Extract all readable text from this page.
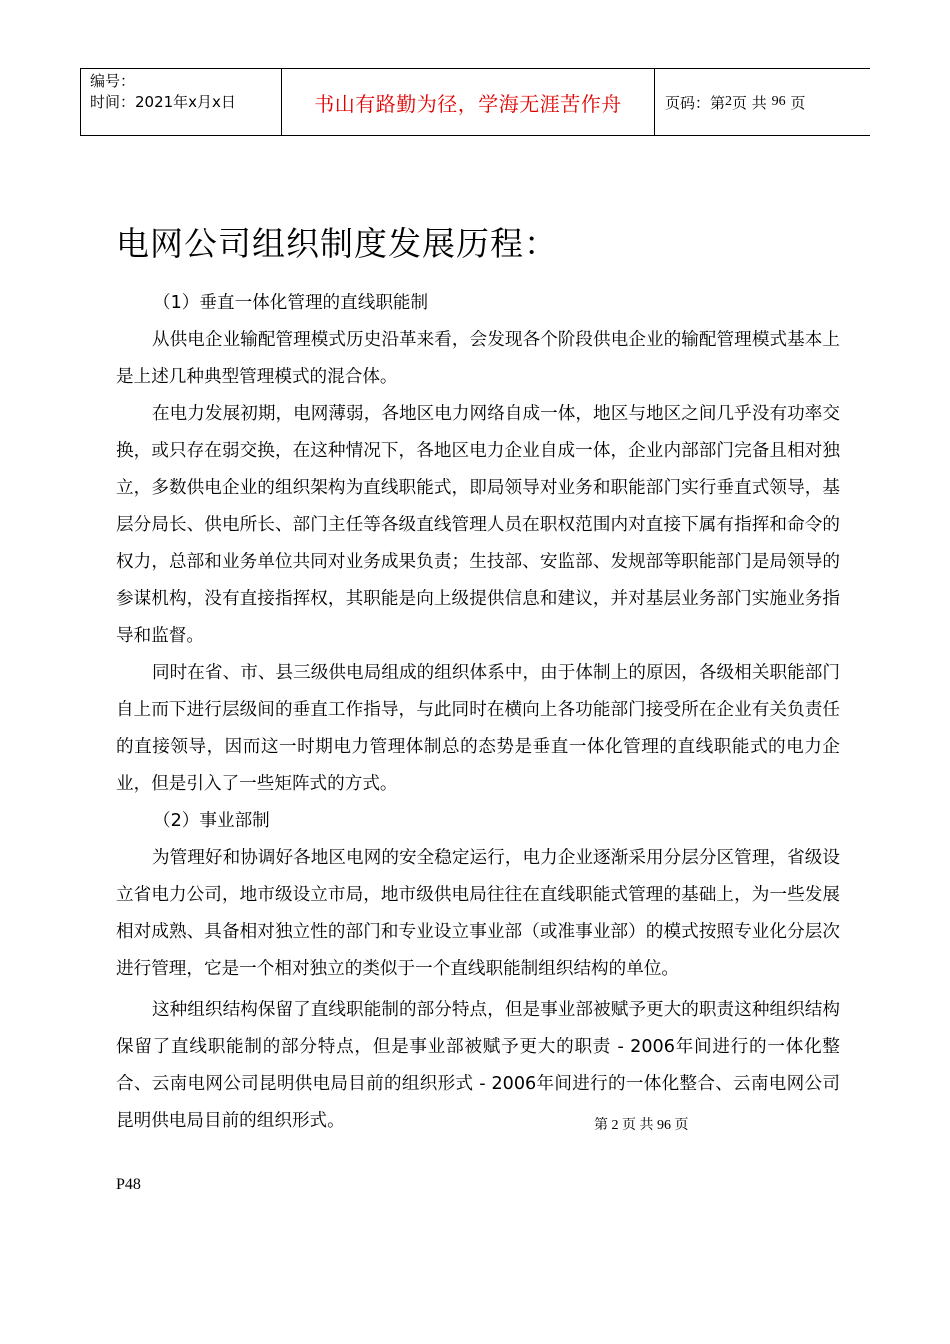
编号：
时间：2021年x月x日	书山有路勤为径，学海无涯苦作舟	页码：第 2 页 共
96
页
电网公司组织制度发展历程：

（1）垂直一体化管理的直线职能制

从供电企业输配管理模式历史沿革来看，会发现各个阶段供电企业的输配管理模式基本上是上述几种典型管理模式的混合体。

在电力发展初期，电网薄弱，各地区电力网络自成一体，地区与地区之间几乎没有功率交换，或只存在弱交换，在这种情况下，各地区电力企业自成一体，企业内部部门完备且相对独立，多数供电企业的组织架构为直线职能式，即局领导对业务和职能部门实行垂直式领导，基层分局长、供电所长、部门主任等各级直线管理人员在职权范围内对直接下属有指挥和命令的权力，总部和业务单位共同对业务成果负责；生技部、安监部、发规部等职能部门是局领导的参谋机构，没有直接指挥权，其职能是向上级提供信息和建议，并对基层业务部门实施业务指导和监督。

同时在省、市、县三级供电局组成的组织体系中，由于体制上的原因，各级相关职能部门自上而下进行层级间的垂直工作指导，与此同时在横向上各功能部门接受所在企业有关负责任的直接领导，因而这一时期电力管理体制总的态势是垂直一体化管理的直线职能式的电力企业，但是引入了一些矩阵式的方式。

（2）事业部制

为管理好和协调好各地区电网的安全稳定运行，电力企业逐渐采用分层分区管理，省级设立省电力公司，地市级设立市局，地市级供电局往往在直线职能式管理的基础上，为一些发展相对成熟、具备相对独立性的部门和专业设立事业部（或准事业部）的模式按照专业化分层次进行管理，它是一个相对独立的类似于一个直线职能制组织结构的单位。

这种组织结构保留了直线职能制的部分特点，但是事业部被赋予更大的职责这种组织结构保留了直线职能制的部分特点，但是事业部被赋予更大的职责 - 2006年间进行的一体化整合、云南电网公司昆明供电局目前的组织形式 - 2006年间进行的一体化整合、云南电网公司昆明供电局目前的组织形式。	第 2 页 共 96 页
P48
